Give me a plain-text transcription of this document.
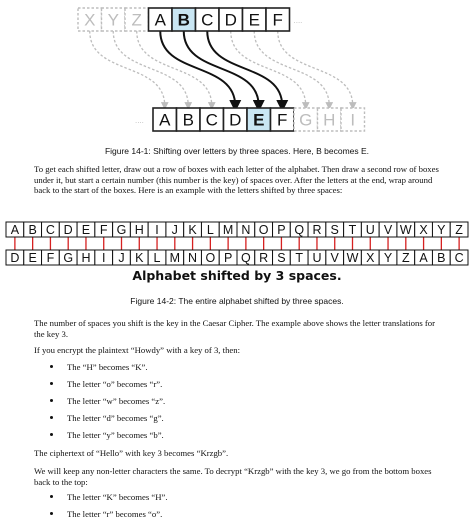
X Y Z A B C D E F ....
A B C D E F G H I
....
Figure 14-1: Shifting over letters by three spaces. Here, B becomes E.
To get each shifted letter, draw out a row of boxes with each letter of the alphabet. Then draw a second row of boxes under it, but start a certain number (this number is the key) of spaces over. After the letters at the end, wrap around back to the start of the boxes. Here is an example with the letters shifted by three spaces:
A B C D E F G H I J K L M N O P Q R S T U V W X Y Z
D E F G H I J K L M N O P Q R S T U V W X Y Z A B C
Alphabet shifted by 3 spaces.
Figure 14-2: The entire alphabet shifted by three spaces.
The number of spaces you shift is the key in the Caesar Cipher. The example above shows the letter translations for the key 3.
If you encrypt the plaintext “Howdy” with a key of 3, then:
The “H” becomes “K”.
The letter “o” becomes “r”.
The letter “w” becomes “z”.
The letter “d” becomes “g”.
The letter “y” becomes “b”.
The ciphertext of “Hello” with key 3 becomes “Krzgb”.
We will keep any non-letter characters the same. To decrypt “Krzgb” with the key 3, we go from the bottom boxes back to the top:
The letter “K” becomes “H”.
The letter “r” becomes “o”.
